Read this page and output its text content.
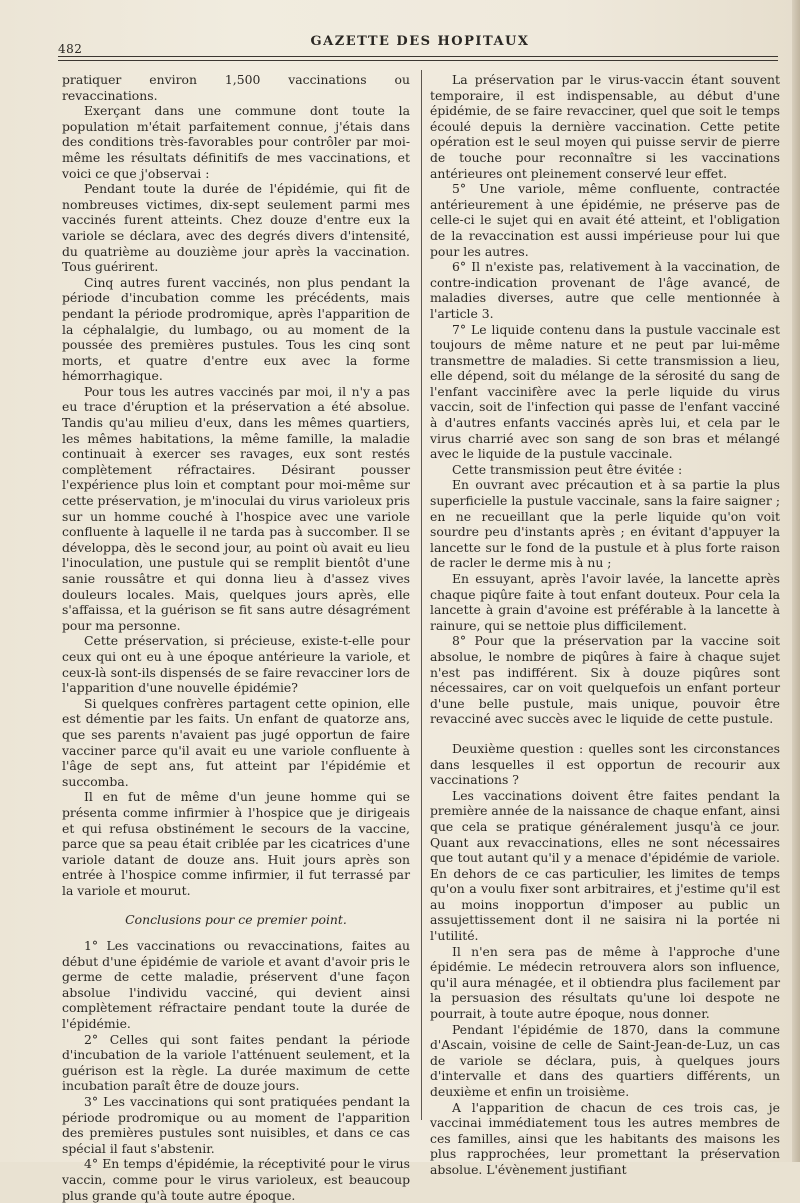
482	GAZETTE DES HOPITAUX

pratiquer environ 1,500 vaccinations ou revaccinations.

Exerçant dans une commune dont toute la population m'était parfaitement connue, j'étais dans des conditions très-favorables pour contrôler par moi-même les résultats définitifs de mes vaccinations, et voici ce que j'observai :

Pendant toute la durée de l'épidémie, qui fit de nombreuses victimes, dix-sept seulement parmi mes vaccinés furent atteints. Chez douze d'entre eux la variole se déclara, avec des degrés divers d'intensité, du quatrième au douzième jour après la vaccination. Tous guérirent.

Cinq autres furent vaccinés, non plus pendant la période d'incubation comme les précédents, mais pendant la période prodromique, après l'apparition de la céphalalgie, du lumbago, ou au moment de la poussée des premières pustules. Tous les cinq sont morts, et quatre d'entre eux avec la forme hémorrhagique.

Pour tous les autres vaccinés par moi, il n'y a pas eu trace d'éruption et la préservation a été absolue. Tandis qu'au milieu d'eux, dans les mêmes quartiers, les mêmes habitations, la même famille, la maladie continuait à exercer ses ravages, eux sont restés complètement réfractaires. Désirant pousser l'expérience plus loin et comptant pour moi-même sur cette préservation, je m'inoculai du virus varioleux pris sur un homme couché à l'hospice avec une variole confluente à laquelle il ne tarda pas à succomber. Il se développa, dès le second jour, au point où avait eu lieu l'inoculation, une pustule qui se remplit bientôt d'une sanie roussâtre et qui donna lieu à d'assez vives douleurs locales. Mais, quelques jours après, elle s'affaissa, et la guérison se fit sans autre désagrément pour ma personne.

Cette préservation, si précieuse, existe-t-elle pour ceux qui ont eu à une époque antérieure la variole, et ceux-là sont-ils dispensés de se faire revacciner lors de l'apparition d'une nouvelle épidémie?

Si quelques confrères partagent cette opinion, elle est démentie par les faits. Un enfant de quatorze ans, que ses parents n'avaient pas jugé opportun de faire vacciner parce qu'il avait eu une variole confluente à l'âge de sept ans, fut atteint par l'épidémie et succomba.

Il en fut de même d'un jeune homme qui se présenta comme infirmier à l'hospice que je dirigeais et qui refusa obstinément le secours de la vaccine, parce que sa peau était criblée par les cicatrices d'une variole datant de douze ans. Huit jours après son entrée à l'hospice comme infirmier, il fut terrassé par la variole et mourut.

Conclusions pour ce premier point.

1° Les vaccinations ou revaccinations, faites au début d'une épidémie de variole et avant d'avoir pris le germe de cette maladie, préservent d'une façon absolue l'individu vacciné, qui devient ainsi complètement réfractaire pendant toute la durée de l'épidémie.

2° Celles qui sont faites pendant la période d'incubation de la variole l'atténuent seulement, et la guérison est la règle. La durée maximum de cette incubation paraît être de douze jours.

3° Les vaccinations qui sont pratiquées pendant la période prodromique ou au moment de l'apparition des premières pustules sont nuisibles, et dans ce cas spécial il faut s'abstenir.

4° En temps d'épidémie, la réceptivité pour le virus vaccin, comme pour le virus varioleux, est beaucoup plus grande qu'à toute autre époque.

La préservation par le virus-vaccin étant souvent temporaire, il est indispensable, au début d'une épidémie, de se faire revacciner, quel que soit le temps écoulé depuis la dernière vaccination. Cette petite opération est le seul moyen qui puisse servir de pierre de touche pour reconnaître si les vaccinations antérieures ont pleinement conservé leur effet.

5° Une variole, même confluente, contractée antérieurement à une épidémie, ne préserve pas de celle-ci le sujet qui en avait été atteint, et l'obligation de la revaccination est aussi impérieuse pour lui que pour les autres.

6° Il n'existe pas, relativement à la vaccination, de contre-indication provenant de l'âge avancé, de maladies diverses, autre que celle mentionnée à l'article 3.

7° Le liquide contenu dans la pustule vaccinale est toujours de même nature et ne peut par lui-même transmettre de maladies. Si cette transmission a lieu, elle dépend, soit du mélange de la sérosité du sang de l'enfant vaccinifère avec la perle liquide du virus vaccin, soit de l'infection qui passe de l'enfant vacciné à d'autres enfants vaccinés après lui, et cela par le virus charrié avec son sang de son bras et mélangé avec le liquide de la pustule vaccinale.

Cette transmission peut être évitée :

En ouvrant avec précaution et à sa partie la plus superficielle la pustule vaccinale, sans la faire saigner ; en ne recueillant que la perle liquide qu'on voit sourdre peu d'instants après ; en évitant d'appuyer la lancette sur le fond de la pustule et à plus forte raison de racler le derme mis à nu ;

En essuyant, après l'avoir lavée, la lancette après chaque piqûre faite à tout enfant douteux. Pour cela la lancette à grain d'avoine est préférable à la lancette à rainure, qui se nettoie plus difficilement.

8° Pour que la préservation par la vaccine soit absolue, le nombre de piqûres à faire à chaque sujet n'est pas indifférent. Six à douze piqûres sont nécessaires, car on voit quelquefois un enfant porteur d'une belle pustule, mais unique, pouvoir être revacciné avec succès avec le liquide de cette pustule.

Deuxième question : quelles sont les circonstances dans lesquelles il est opportun de recourir aux vaccinations ?

Les vaccinations doivent être faites pendant la première année de la naissance de chaque enfant, ainsi que cela se pratique généralement jusqu'à ce jour. Quant aux revaccinations, elles ne sont nécessaires que tout autant qu'il y a menace d'épidémie de variole. En dehors de ce cas particulier, les limites de temps qu'on a voulu fixer sont arbitraires, et j'estime qu'il est au moins inopportun d'imposer au public un assujettissement dont il ne saisira ni la portée ni l'utilité.

Il n'en sera pas de même à l'approche d'une épidémie. Le médecin retrouvera alors son influence, qu'il aura ménagée, et il obtiendra plus facilement par la persuasion des résultats qu'une loi despote ne pourrait, à toute autre époque, nous donner.

Pendant l'épidémie de 1870, dans la commune d'Ascain, voisine de celle de Saint-Jean-de-Luz, un cas de variole se déclara, puis, à quelques jours d'intervalle et dans des quartiers différents, un deuxième et enfin un troisième.

A l'apparition de chacun de ces trois cas, je vaccinai immédiatement tous les autres membres de ces familles, ainsi que les habitants des maisons les plus rapprochées, leur promettant la préservation absolue. L'évènement justifiant
